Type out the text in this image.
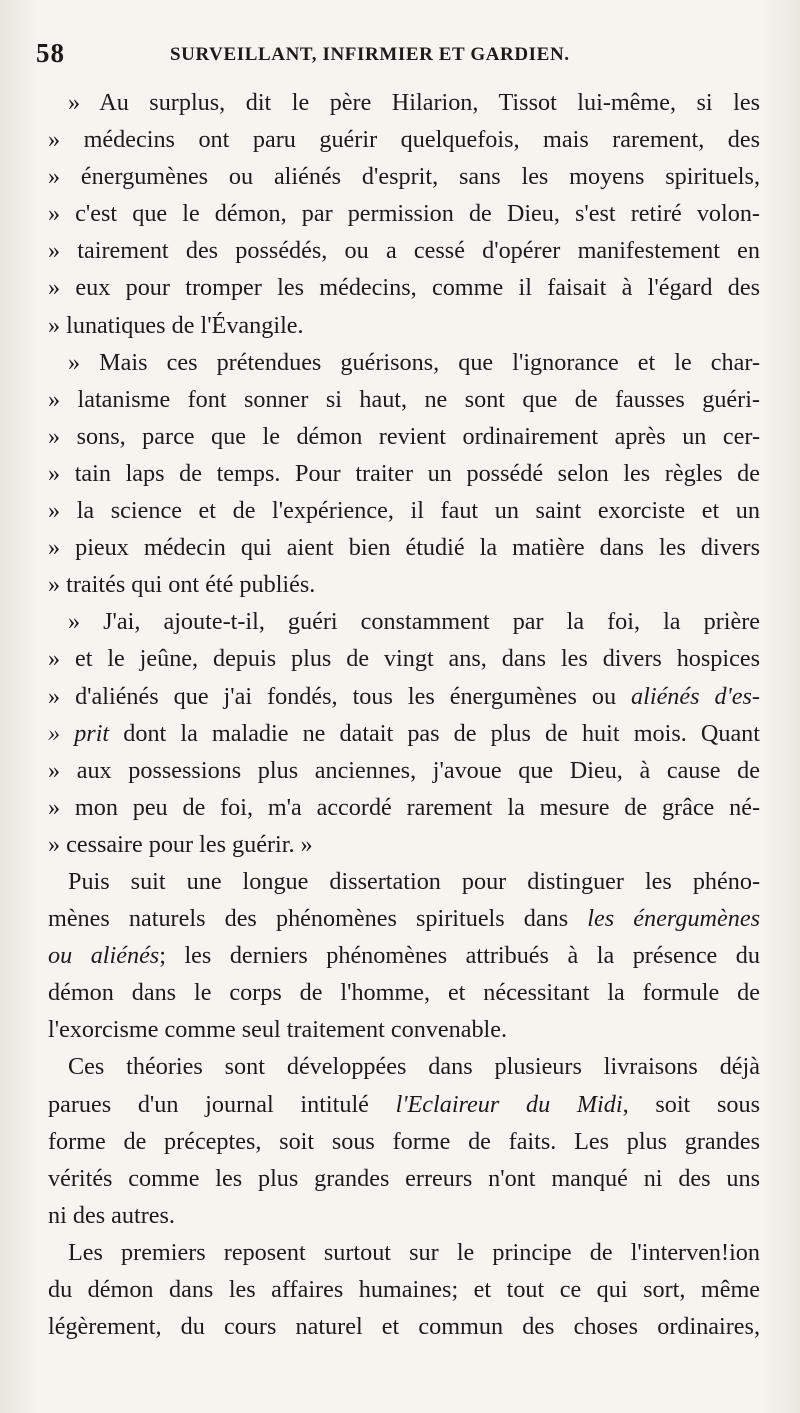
58	SURVEILLANT, INFIRMIER ET GARDIEN.
» Au surplus, dit le père Hilarion, Tissot lui-même, si les
» médecins ont paru guérir quelquefois, mais rarement, des
» énergumènes ou aliénés d'esprit, sans les moyens spirituels,
» c'est que le démon, par permission de Dieu, s'est retiré volon-
» tairement des possédés, ou a cessé d'opérer manifestement en
» eux pour tromper les médecins, comme il faisait à l'égard des
» lunatiques de l'Évangile.
» Mais ces prétendues guérisons, que l'ignorance et le char-
» latanisme font sonner si haut, ne sont que de fausses guéri-
» sons, parce que le démon revient ordinairement après un cer-
» tain laps de temps. Pour traiter un possédé selon les règles de
» la science et de l'expérience, il faut un saint exorciste et un
» pieux médecin qui aient bien étudié la matière dans les divers
» traités qui ont été publiés.
» J'ai, ajoute-t-il, guéri constamment par la foi, la prière
» et le jeûne, depuis plus de vingt ans, dans les divers hospices
» d'aliénés que j'ai fondés, tous les énergumènes ou aliénés d'es-
» prit dont la maladie ne datait pas de plus de huit mois. Quant
» aux possessions plus anciennes, j'avoue que Dieu, à cause de
» mon peu de foi, m'a accordé rarement la mesure de grâce né-
» cessaire pour les guérir. »
Puis suit une longue dissertation pour distinguer les phéno-
mènes naturels des phénomènes spirituels dans les énergumènes
ou aliénés; les derniers phénomènes attribués à la présence du
démon dans le corps de l'homme, et nécessitant la formule de
l'exorcisme comme seul traitement convenable.
Ces théories sont développées dans plusieurs livraisons déjà
parues d'un journal intitulé l'Eclaireur du Midi, soit sous
forme de préceptes, soit sous forme de faits. Les plus grandes
vérités comme les plus grandes erreurs n'ont manqué ni des uns
ni des autres.
Les premiers reposent surtout sur le principe de l'interven!ion
du démon dans les affaires humaines; et tout ce qui sort, même
légèrement, du cours naturel et commun des choses ordinaires,
